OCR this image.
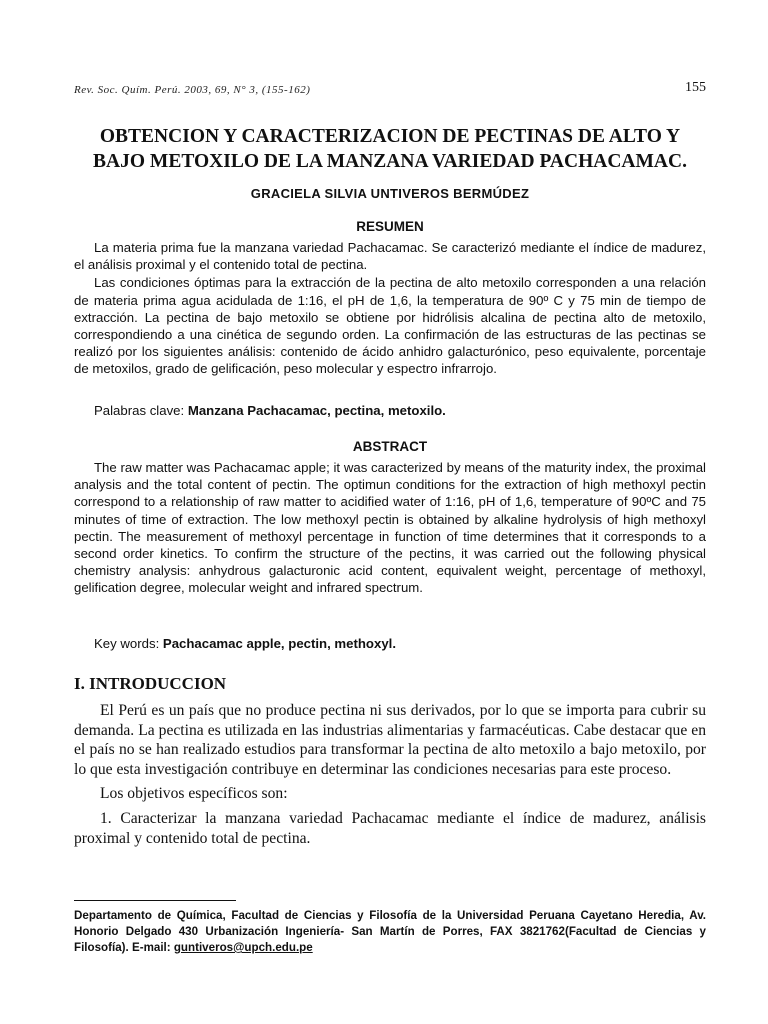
Rev. Soc. Quím. Perú. 2003, 69, N° 3, (155-162)	155
OBTENCION Y CARACTERIZACION DE PECTINAS DE ALTO Y
BAJO METOXILO DE LA MANZANA VARIEDAD PACHACAMAC.
GRACIELA SILVIA UNTIVEROS BERMÚDEZ
RESUMEN

La materia prima fue la manzana variedad Pachacamac. Se caracterizó mediante el índice de madurez, el análisis proximal y el contenido total de pectina.

Las condiciones óptimas para la extracción de la pectina de alto metoxilo corresponden a una relación de materia prima agua acidulada de 1:16, el pH de 1,6, la temperatura de 90º C y 75 min de tiempo de extracción. La pectina de bajo metoxilo se obtiene por hidrólisis alcalina de pectina alto de metoxilo, correspondiendo a una cinética de segundo orden. La confirmación de las estructuras de las pectinas se realizó por los siguientes análisis: contenido de ácido anhidro galacturónico, peso equivalente, porcentaje de metoxilos, grado de gelificación, peso molecular y espectro infrarrojo.

Palabras clave: Manzana Pachacamac, pectina, metoxilo.
ABSTRACT

The raw matter was Pachacamac apple; it was caracterized by means of the maturity index, the proximal analysis and the total content of pectin. The optimun conditions for the extraction of high methoxyl pectin correspond to a relationship of raw matter to acidified water of 1:16, pH of 1,6, temperature of 90ºC and 75 minutes of time of extraction. The low methoxyl pectin is obtained by alkaline hydrolysis of high methoxyl pectin. The measurement of methoxyl percentage in function of time determines that it corresponds to a second order kinetics. To confirm the structure of the pectins, it was carried out the following physical chemistry analysis: anhydrous galacturonic acid content, equivalent weight, percentage of methoxyl, gelification degree, molecular weight and infrared spectrum.

Key words: Pachacamac apple, pectin, methoxyl.
I. INTRODUCCION

El Perú es un país que no produce pectina ni sus derivados, por lo que se importa para cubrir su demanda. La pectina es utilizada en las industrias alimentarias y farmacéuticas. Cabe destacar que en el país no se han realizado estudios para transformar la pectina de alto metoxilo a bajo metoxilo, por lo que esta investigación contribuye en determinar las condiciones necesarias para este proceso.

Los objetivos específicos son:

1. Caracterizar la manzana variedad Pachacamac mediante el índice de madurez, análisis proximal y contenido total de pectina.

Departamento de Química, Facultad de Ciencias y Filosofía de la Universidad Peruana Cayetano Heredia, Av. Honorio Delgado 430 Urbanización Ingeniería- San Martín de Porres, FAX 3821762(Facultad de Ciencias y Filosofía). E-mail: guntiveros@upch.edu.pe
